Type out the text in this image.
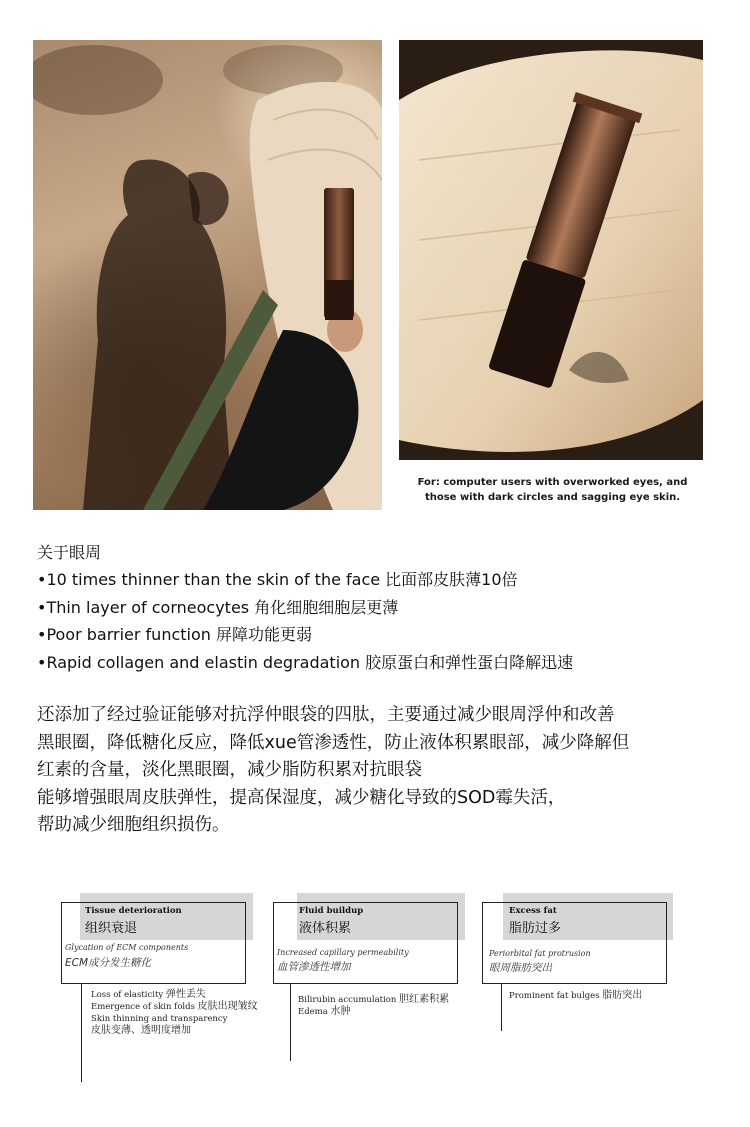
For: computer users with overworked eyes, and
those with dark circles and sagging eye skin.
关于眼周
•10 times thinner than the skin of the face 比面部皮肤薄10倍
•Thin layer of corneocytes 角化细胞细胞层更薄
•Poor barrier function 屏障功能更弱
•Rapid collagen and elastin degradation 胶原蛋白和弹性蛋白降解迅速
还添加了经过验证能够对抗浮仲眼袋的四肽，主要通过减少眼周浮仲和改善
黑眼圈，降低糖化反应，降低xue管渗透性，防止液体积累眼部，减少降解但
红素的含量，淡化黑眼圈，减少脂防积累对抗眼袋
能够增强眼周皮肤弹性，提高保湿度，减少糖化导致的SOD霉失活，
帮助减少细胞组织损伤。
Tissue deterioration
组织衰退
Glycation of ECM components
ECM成分发生糖化
Loss of elasticity 弹性丢失
Emergence of skin folds 皮肤出现皱纹
Skin thinning and transparency
皮肤变薄、透明度增加
Fluid buildup
液体积累
Increased capillary permeability
血管渗透性增加
Bilirubin accumulation 胆红素积累
Edema 水肿
Excess fat
脂肪过多
Periorbital fat protrusion
眼周脂肪突出
Prominent fat bulges 脂肪突出
